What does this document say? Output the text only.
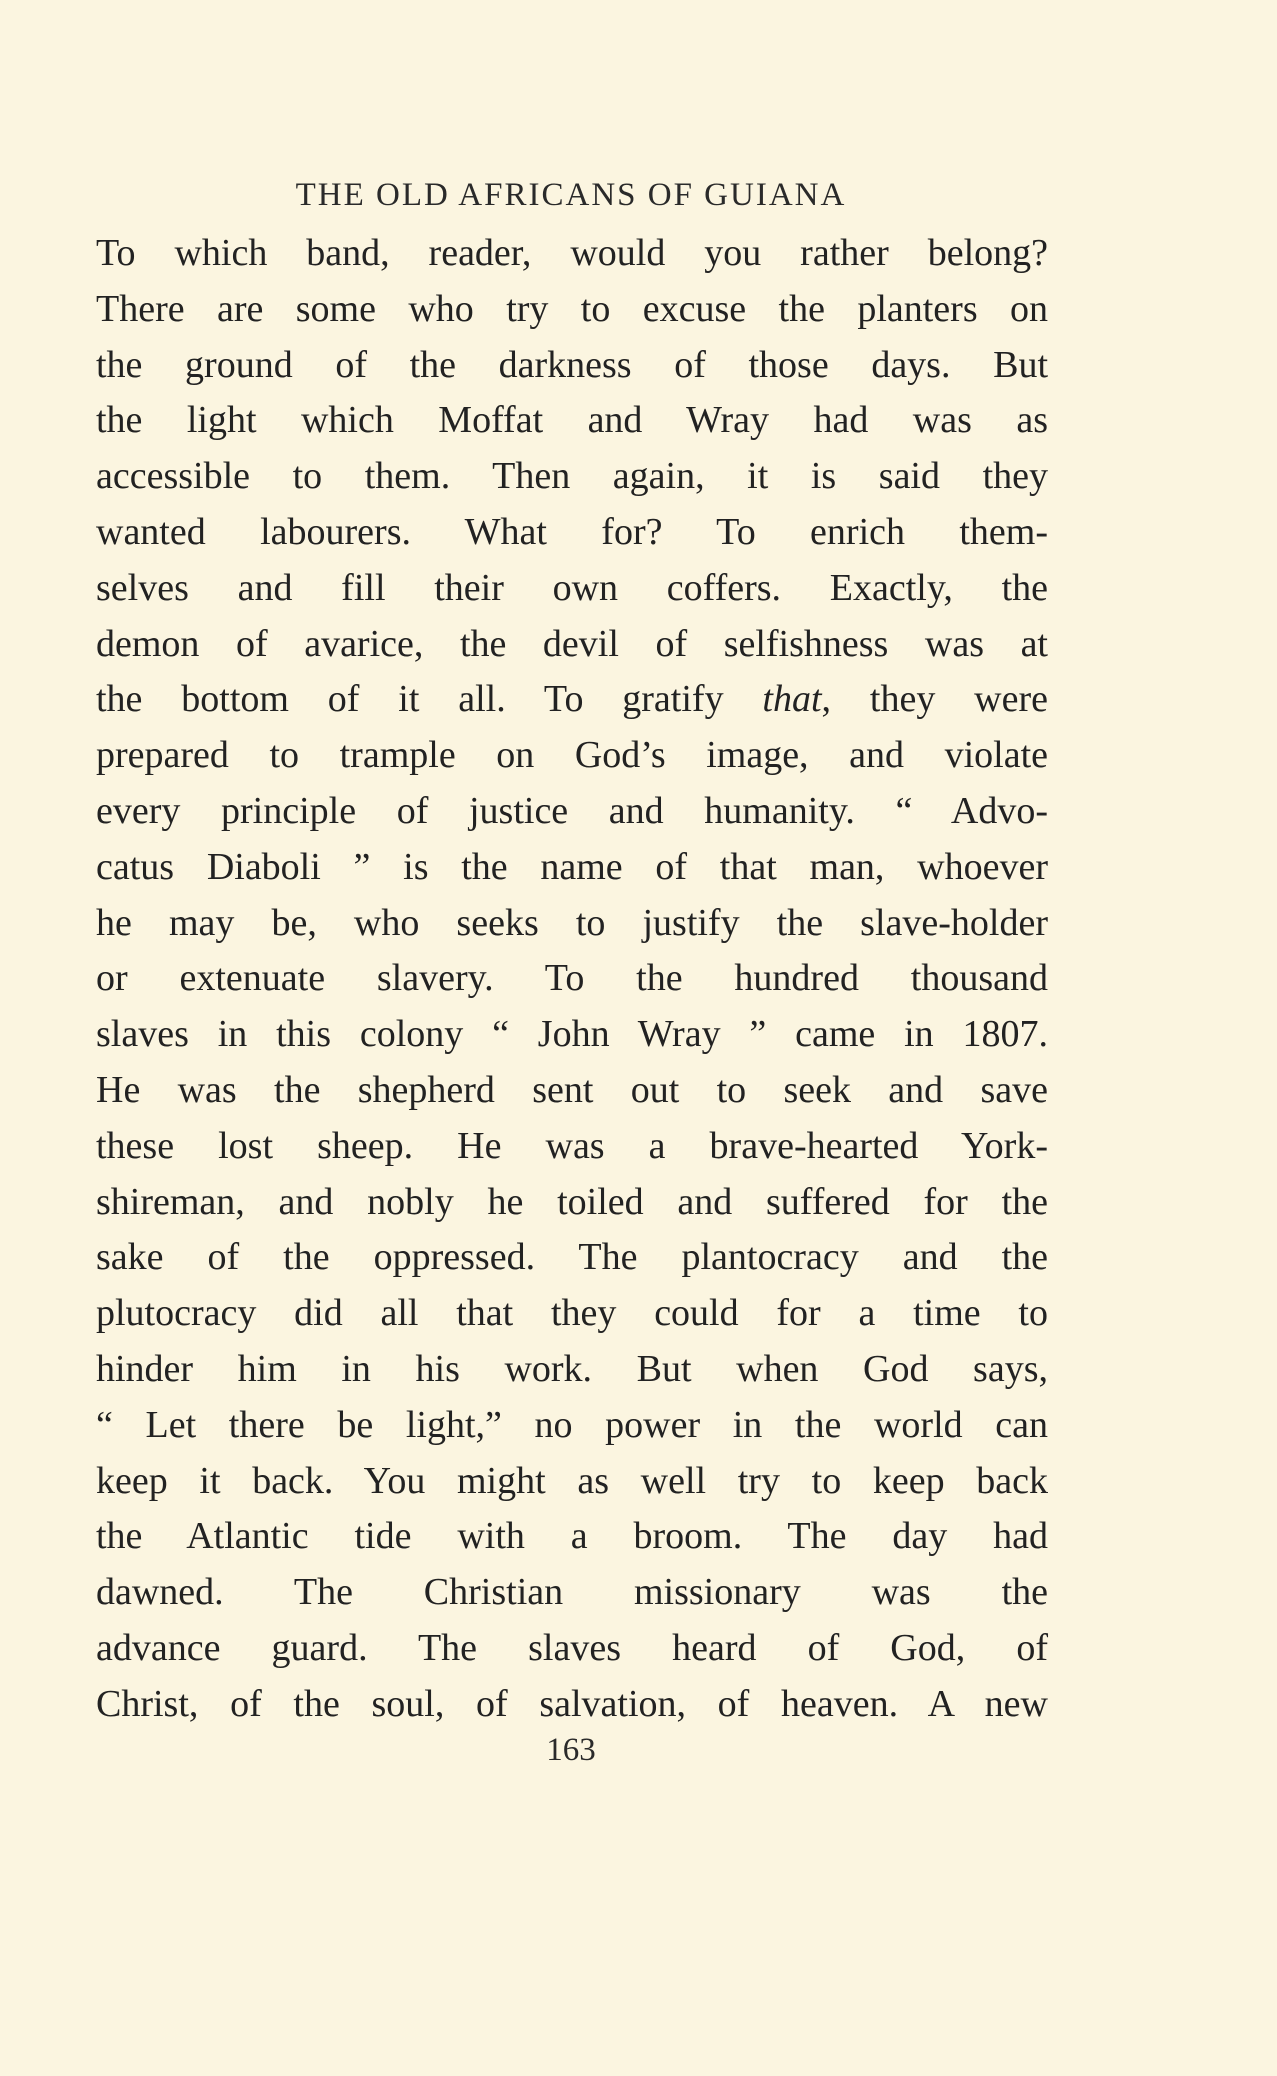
THE OLD AFRICANS OF GUIANA
To which band, reader, would you rather belong?
There are some who try to excuse the planters on
the ground of the darkness of those days. But
the light which Moffat and Wray had was as
accessible to them. Then again, it is said they
wanted labourers. What for? To enrich them-
selves and fill their own coffers. Exactly, the
demon of avarice, the devil of selfishness was at
the bottom of it all. To gratify that, they were
prepared to trample on God’s image, and violate
every principle of justice and humanity. “ Advo-
catus Diaboli ” is the name of that man, whoever
he may be, who seeks to justify the slave-holder
or extenuate slavery. To the hundred thousand
slaves in this colony “ John Wray ” came in 1807.
He was the shepherd sent out to seek and save
these lost sheep. He was a brave-hearted York-
shireman, and nobly he toiled and suffered for the
sake of the oppressed. The plantocracy and the
plutocracy did all that they could for a time to
hinder him in his work. But when God says,
“ Let there be light,” no power in the world can
keep it back. You might as well try to keep back
the Atlantic tide with a broom. The day had
dawned. The Christian missionary was the
advance guard. The slaves heard of God, of
Christ, of the soul, of salvation, of heaven. A new
163
